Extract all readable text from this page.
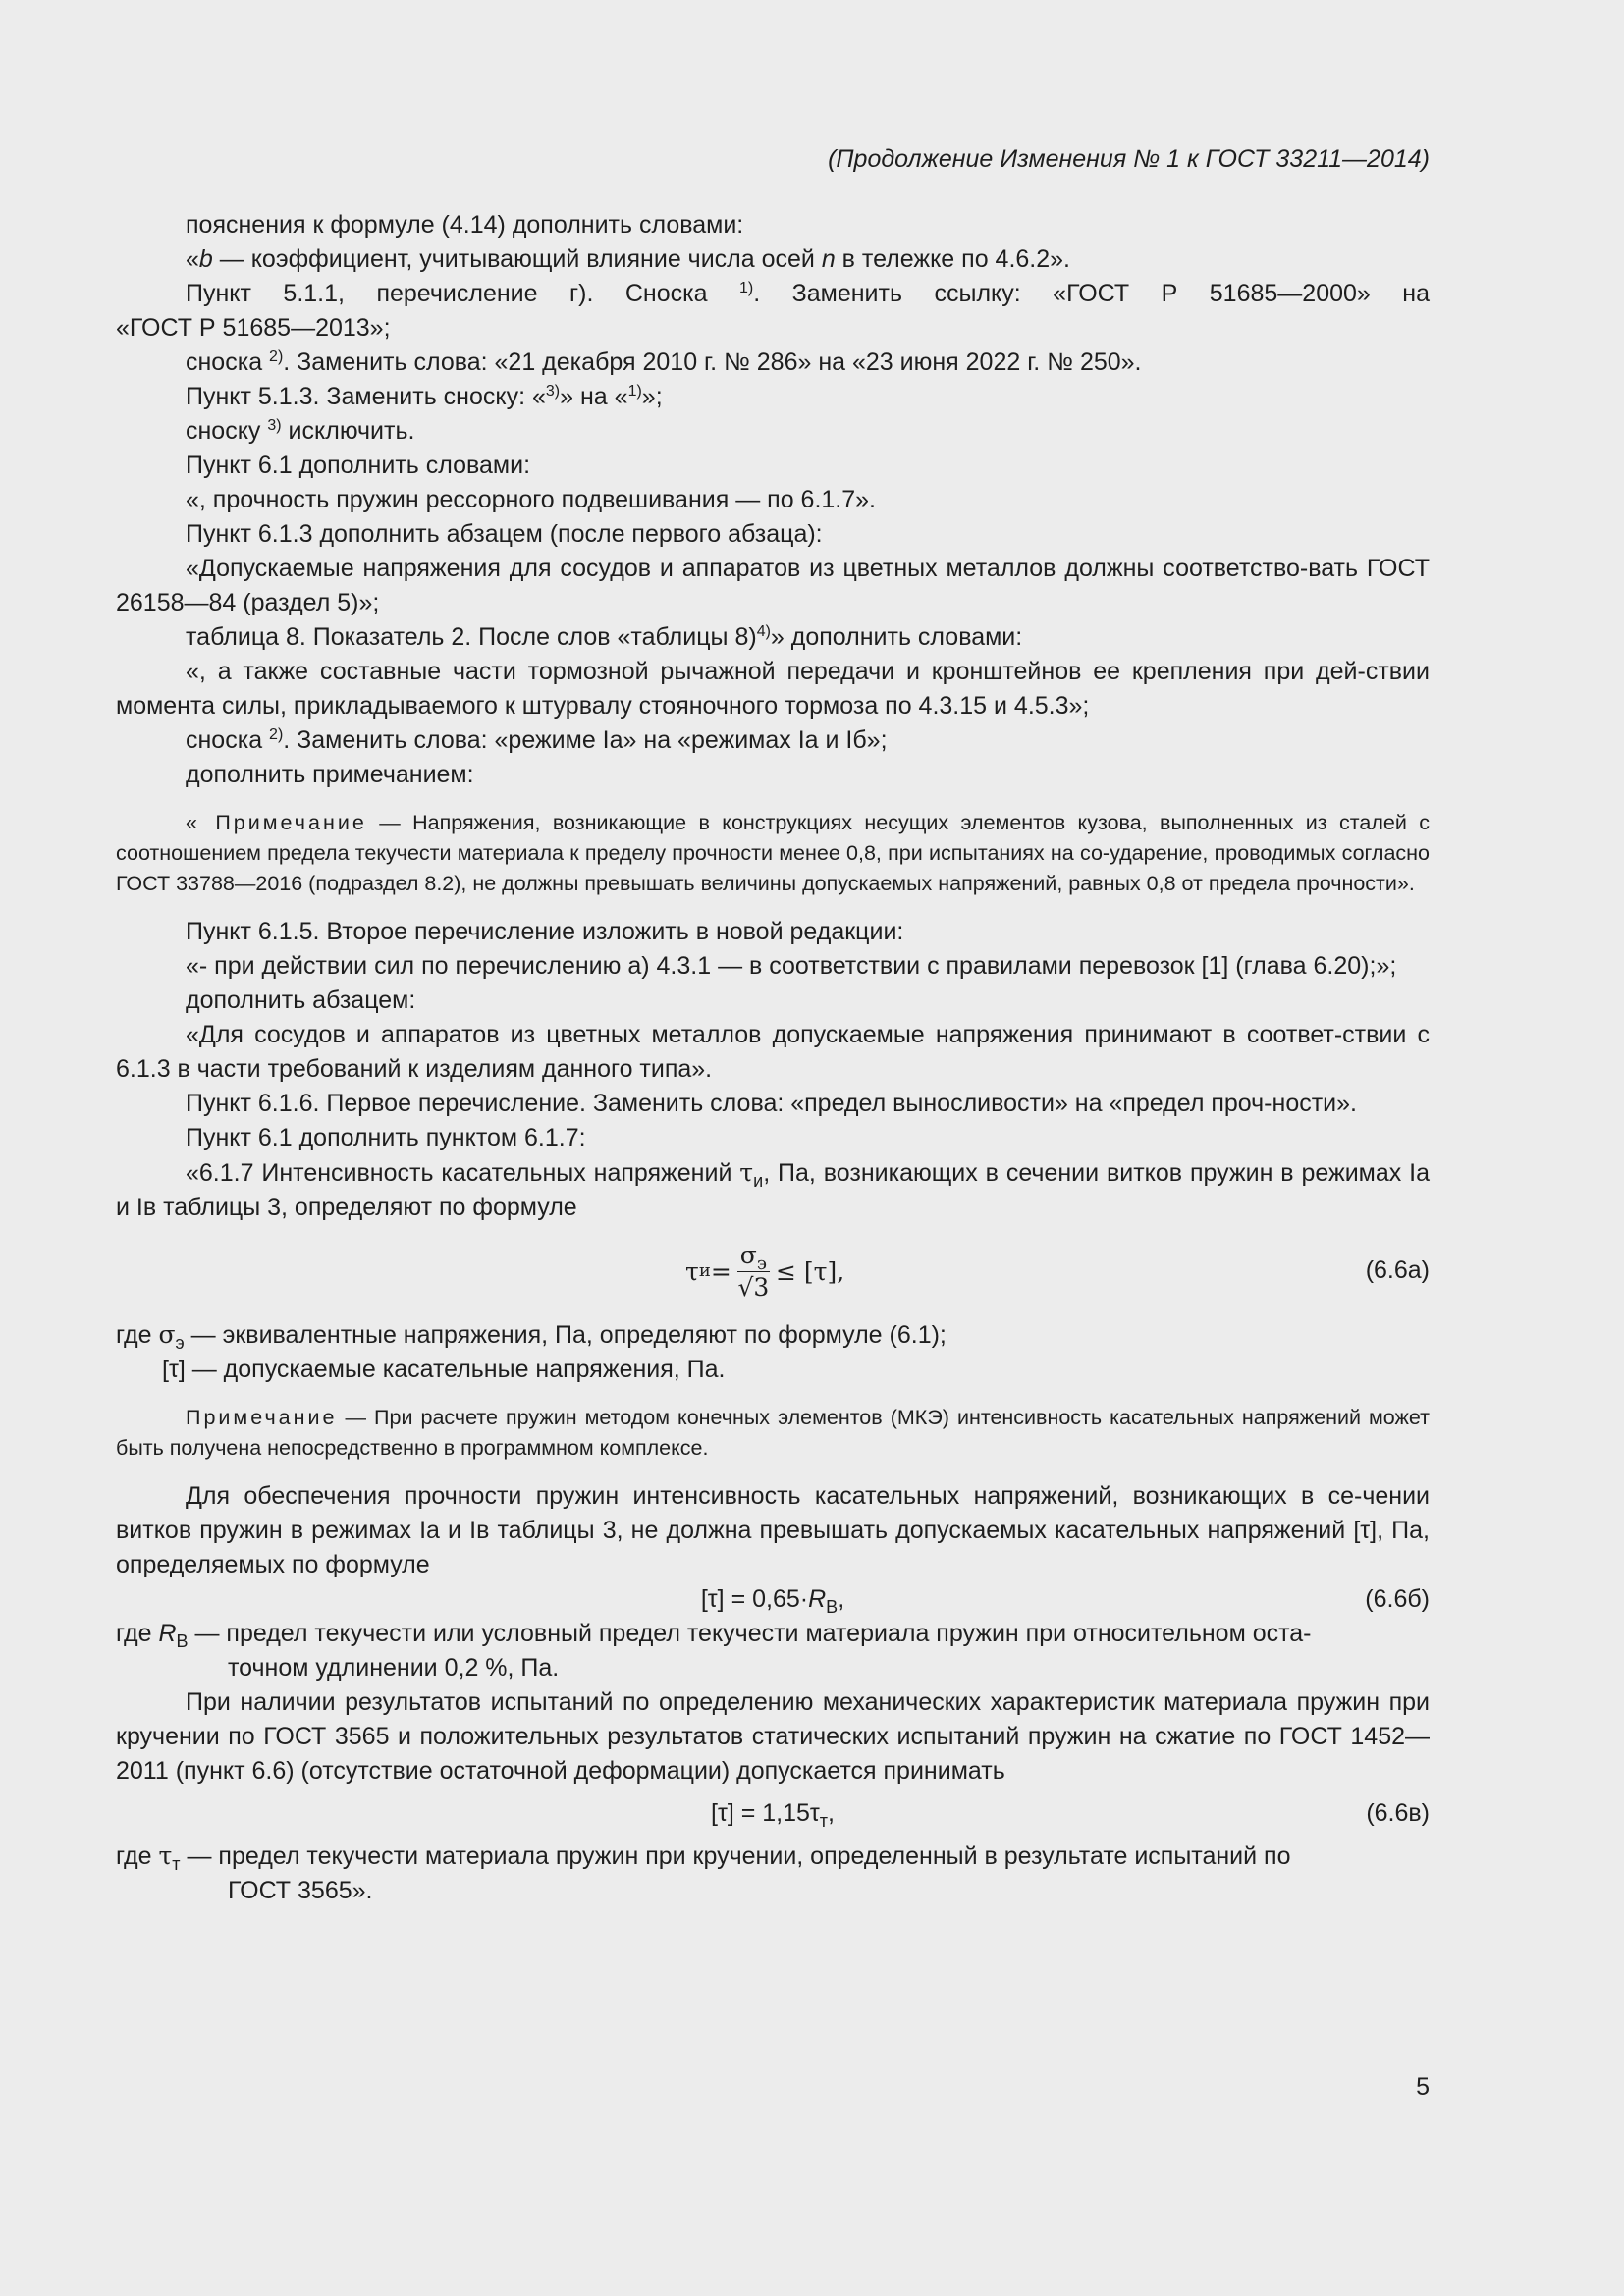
(Продолжение Изменения № 1 к ГОСТ 33211—2014)

пояснения к формуле (4.14) дополнить словами:

«b — коэффициент, учитывающий влияние числа осей n в тележке по 4.6.2».

Пункт 5.1.1, перечисление г). Сноска $^{1)}$. Заменить ссылку: «ГОСТ Р 51685—2000» на

«ГОСТ Р 51685—2013»;

сноска $^{2)}$. Заменить слова: «21 декабря 2010 г. № 286» на «23 июня 2022 г. № 250».

Пункт 5.1.3. Заменить сноску: «$^{3)}$» на «$^{1)}$»;

сноску $^{3)}$ исключить.

Пункт 6.1 дополнить словами:

«, прочность пружин рессорного подвешивания — по 6.1.7».

Пункт 6.1.3 дополнить абзацем (после первого абзаца):

«Допускаемые напряжения для сосудов и аппаратов из цветных металлов должны соответство-вать ГОСТ 26158—84 (раздел 5)»;

таблица 8. Показатель 2. После слов «таблицы 8)$^{4)}$» дополнить словами:

«, а также составные части тормозной рычажной передачи и кронштейнов ее крепления при дей-ствии момента силы, прикладываемого к штурвалу стояночного тормоза по 4.3.15 и 4.5.3»;

сноска $^{2)}$. Заменить слова: «режиме Iа» на «режимах Iа и Iб»;

дополнить примечанием:

« Примечание — Напряжения, возникающие в конструкциях несущих элементов кузова, выполненных из сталей с соотношением предела текучести материала к пределу прочности менее 0,8, при испытаниях на со-ударение, проводимых согласно ГОСТ 33788—2016 (подраздел 8.2), не должны превышать величины допускаемых напряжений, равных 0,8 от предела прочности».

Пункт 6.1.5. Второе перечисление изложить в новой редакции:

«- при действии сил по перечислению а) 4.3.1 — в соответствии с правилами перевозок [1] (глава 6.20);»;

дополнить абзацем:

«Для сосудов и аппаратов из цветных металлов допускаемые напряжения принимают в соответ-ствии с 6.1.3 в части требований к изделиям данного типа».

Пункт 6.1.6. Первое перечисление. Заменить слова: «предел выносливости» на «предел проч-ности».

Пункт 6.1 дополнить пунктом 6.1.7:

«6.1.7 Интенсивность касательных напряжений $\tau_и$, Па, возникающих в сечении витков пружин в режимах Iа и Iв таблицы 3, определяют по формуле

τ $и = \frac{\sigma_э}{√3} \le [\tau]$,	(6.6а)

где $\sigma_э$ — эквивалентные напряжения, Па, определяют по формуле (6.1);

[τ] — допускаемые касательные напряжения, Па.

Примечание — При расчете пружин методом конечных элементов (МКЭ) интенсивность касательных напряжений может быть получена непосредственно в программном комплексе.

Для обеспечения прочности пружин интенсивность касательных напряжений, возникающих в се-чении витков пружин в режимах Iа и Iв таблицы 3, не должна превышать допускаемых касательных напряжений [τ], Па, определяемых по формуле

$[\tau] = 0,65\cdot R_В$,	(6.6б)

где $R_В$ — предел текучести или условный предел текучести материала пружин при относительном оста-
точном удлинении 0,2 %, Па.

При наличии результатов испытаний по определению механических характеристик материала пружин при кручении по ГОСТ 3565 и положительных результатов статических испытаний пружин на сжатие по ГОСТ 1452—2011 (пункт 6.6) (отсутствие остаточной деформации) допускается принимать

$[\tau] = 1,15\tau_т$,	(6.6в)

где $\tau_т$ — предел текучести материала пружин при кручении, определенный в результате испытаний по
ГОСТ 3565».

5
